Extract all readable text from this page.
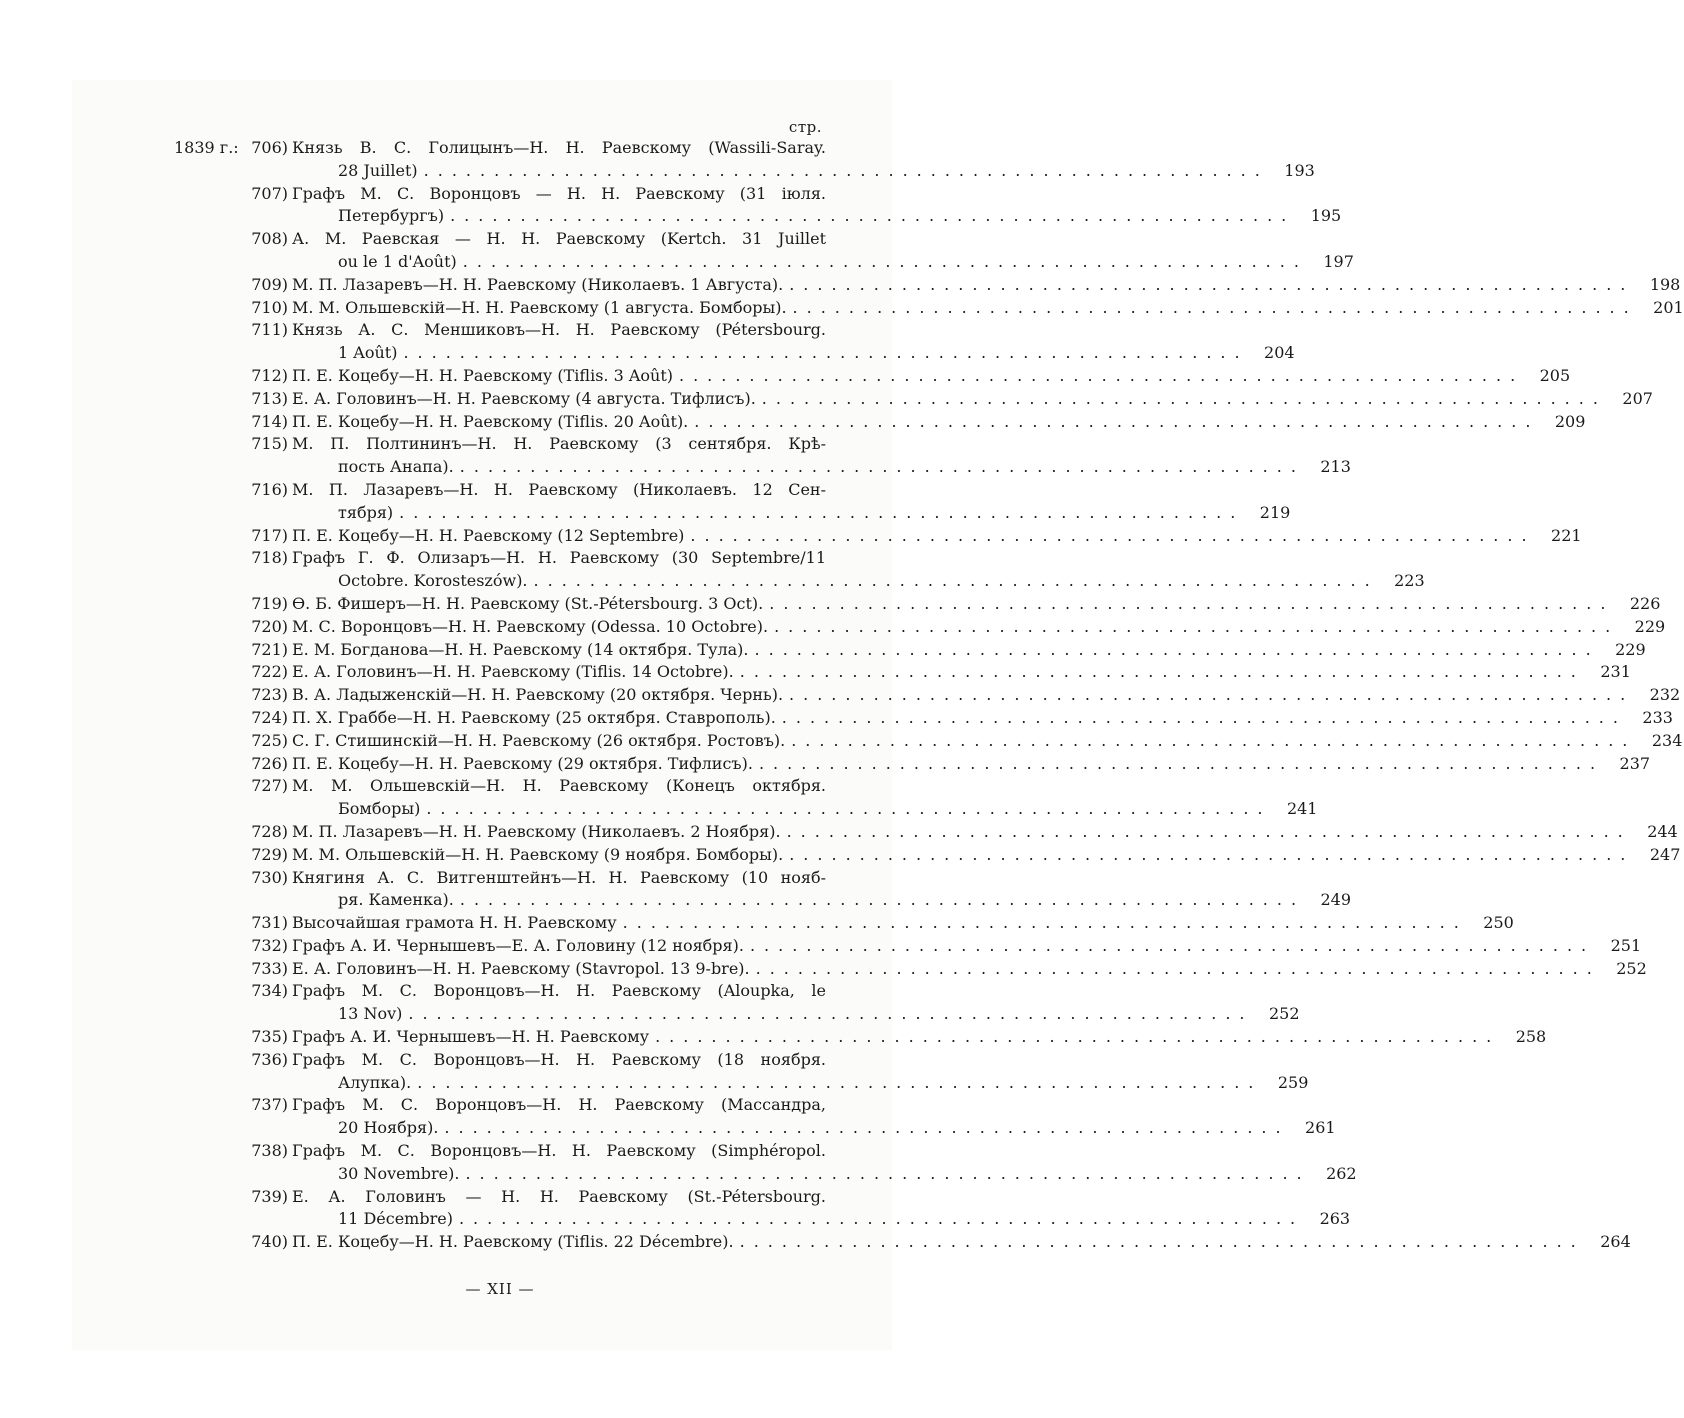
стр.
1839 г.: 706) Князь В. С. Голицынъ—Н. Н. Раевскому (Wassili-Saray.
28 Juillet) ............................................................ 193
707) Графъ М. С. Воронцовъ — Н. Н. Раевскому (31 іюля.
Петербургъ) ............................................................ 195
708) А. М. Раевская — Н. Н. Раевскому (Kertch. 31 Juillet
ou le 1 d'Août) ............................................................ 197
709) М. П. Лазаревъ—Н. Н. Раевскому (Николаевъ. 1 Августа). ............................................................ 198
710) М. М. Ольшевскій—Н. Н. Раевскому (1 августа. Бомборы). ............................................................ 201
711) Князь А. С. Меншиковъ—Н. Н. Раевскому (Pétersbourg.
1 Août) ............................................................ 204
712) П. Е. Коцебу—Н. Н. Раевскому (Tiflis. 3 Août) ............................................................ 205
713) Е. А. Головинъ—Н. Н. Раевскому (4 августа. Тифлисъ). ............................................................ 207
714) П. Е. Коцебу—Н. Н. Раевскому (Tiflis. 20 Août). ............................................................ 209
715) М. П. Полтининъ—Н. Н. Раевскому (3 сентября. Крѣ-
пость Анапа). ............................................................ 213
716) М. П. Лазаревъ—Н. Н. Раевскому (Николаевъ. 12 Сен-
тября) ............................................................ 219
717) П. Е. Коцебу—Н. Н. Раевскому (12 Septembre) ............................................................ 221
718) Графъ Г. Ф. Олизаръ—Н. Н. Раевскому (30 Septembre/11
Octobre. Korosteszów). ............................................................ 223
719) Ѳ. Б. Фишеръ—Н. Н. Раевскому (St.-Pétersbourg. 3 Oct). ............................................................ 226
720) М. С. Воронцовъ—Н. Н. Раевскому (Odessa. 10 Octobre). ............................................................ 229
721) Е. М. Богданова—Н. Н. Раевскому (14 октября. Тула). ............................................................ 229
722) Е. А. Головинъ—Н. Н. Раевскому (Tiflis. 14 Octobre). ............................................................ 231
723) В. А. Ладыженскій—Н. Н. Раевскому (20 октября. Чернь). ............................................................ 232
724) П. Х. Граббе—Н. Н. Раевскому (25 октября. Ставрополь). ............................................................ 233
725) С. Г. Стишинскій—Н. Н. Раевскому (26 октября. Ростовъ). ............................................................ 234
726) П. Е. Коцебу—Н. Н. Раевскому (29 октября. Тифлисъ). ............................................................ 237
727) М. М. Ольшевскій—Н. Н. Раевскому (Конецъ октября.
Бомборы) ............................................................ 241
728) М. П. Лазаревъ—Н. Н. Раевскому (Николаевъ. 2 Ноября). ............................................................ 244
729) М. М. Ольшевскій—Н. Н. Раевскому (9 ноября. Бомборы). ............................................................ 247
730) Княгиня А. С. Витгенштейнъ—Н. Н. Раевскому (10 нояб-
ря. Каменка). ............................................................ 249
731) Высочайшая грамота Н. Н. Раевскому ............................................................ 250
732) Графъ А. И. Чернышевъ—Е. А. Головину (12 ноября). ............................................................ 251
733) Е. А. Головинъ—Н. Н. Раевскому (Stavropol. 13 9-bre). ............................................................ 252
734) Графъ М. С. Воронцовъ—Н. Н. Раевскому (Aloupka, le
13 Nov) ............................................................ 252
735) Графъ А. И. Чернышевъ—Н. Н. Раевскому ............................................................ 258
736) Графъ М. С. Воронцовъ—Н. Н. Раевскому (18 ноября.
Алупка). ............................................................ 259
737) Графъ М. С. Воронцовъ—Н. Н. Раевскому (Массандра,
20 Ноября). ............................................................ 261
738) Графъ М. С. Воронцовъ—Н. Н. Раевскому (Simphéropol.
30 Novembre). ............................................................ 262
739) Е. А. Головинъ — Н. Н. Раевскому (St.-Pétersbourg.
11 Décembre) ............................................................ 263
740) П. Е. Коцебу—Н. Н. Раевскому (Tiflis. 22 Décembre). ............................................................ 264
— XII —
